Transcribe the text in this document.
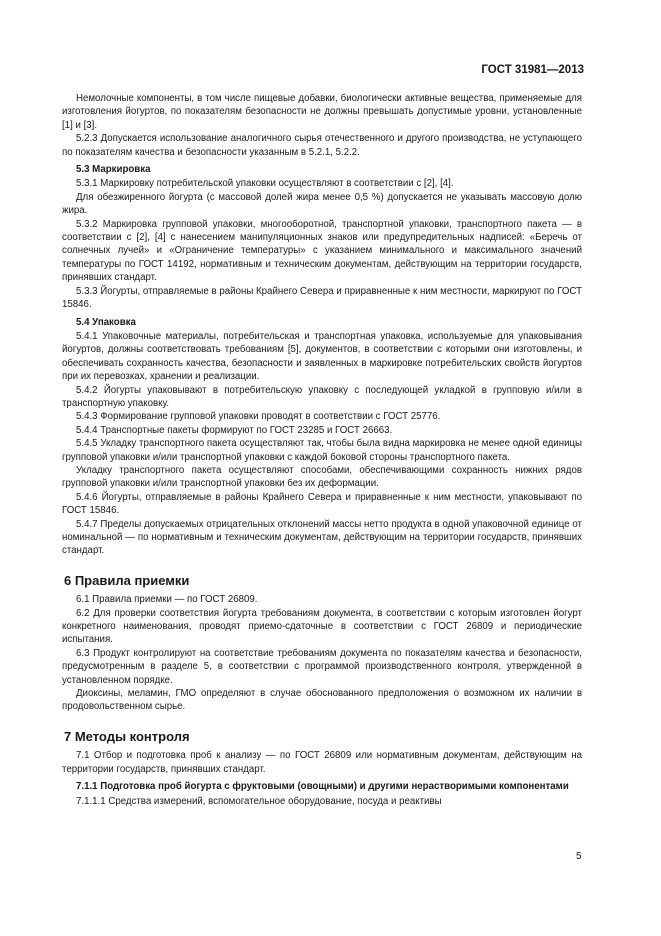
ГОСТ 31981—2013

Немолочные компоненты, в том числе пищевые добавки, биологически активные вещества, применяемые для изготовления йогуртов, по показателям безопасности не должны превышать допустимые уровни, установленные [1] и [3].

5.2.3 Допускается использование аналогичного сырья отечественного и другого производства, не уступающего по показателям качества и безопасности указанным в 5.2.1, 5.2.2.

5.3 Маркировка

5.3.1 Маркировку потребительской упаковки осуществляют в соответствии с [2], [4].

Для обезжиренного йогурта (с массовой долей жира менее 0,5 %) допускается не указывать массовую долю жира.

5.3.2 Маркировка групповой упаковки, многооборотной, транспортной упаковки, транспортного пакета — в соответствии с [2], [4] с нанесением манипуляционных знаков или предупредительных надписей: «Беречь от солнечных лучей» и «Ограничение температуры» с указанием минимального и максимального значений температуры по ГОСТ 14192, нормативным и техническим документам, действующим на территории государств, принявших стандарт.

5.3.3 Йогурты, отправляемые в районы Крайнего Севера и приравненные к ним местности, маркируют по ГОСТ 15846.

5.4 Упаковка

5.4.1 Упаковочные материалы, потребительская и транспортная упаковка, используемые для упаковывания йогуртов, должны соответствовать требованиям [5], документов, в соответствии с которыми они изготовлены, и обеспечивать сохранность качества, безопасности и заявленных в маркировке потребительских свойств йогуртов при их перевозках, хранении и реализации.

5.4.2 Йогурты упаковывают в потребительскую упаковку с последующей укладкой в групповую и/или в транспортную упаковку.

5.4.3 Формирование групповой упаковки проводят в соответствии с ГОСТ 25776.

5.4.4 Транспортные пакеты формируют по ГОСТ 23285 и ГОСТ 26663.

5.4.5 Укладку транспортного пакета осуществляют так, чтобы была видна маркировка не менее одной единицы групповой упаковки и/или транспортной упаковки с каждой боковой стороны транспортного пакета.

Укладку транспортного пакета осуществляют способами, обеспечивающими сохранность нижних рядов групповой упаковки и/или транспортной упаковки без их деформации.

5.4.6 Йогурты, отправляемые в районы Крайнего Севера и приравненные к ним местности, упаковывают по ГОСТ 15846.

5.4.7 Пределы допускаемых отрицательных отклонений массы нетто продукта в одной упаковочной единице от номинальной — по нормативным и техническим документам, действующим на территории государств, принявших стандарт.

6 Правила приемки

6.1 Правила приемки — по ГОСТ 26809.

6.2 Для проверки соответствия йогурта требованиям документа, в соответствии с которым изготовлен йогурт конкретного наименования, проводят приемо-сдаточные в соответствии с ГОСТ 26809 и периодические испытания.

6.3 Продукт контролируют на соответствие требованиям документа по показателям качества и безопасности, предусмотренным в разделе 5, в соответствии с программой производственного контроля, утвержденной в установленном порядке.

Диоксины, меламин, ГМО определяют в случае обоснованного предположения о возможном их наличии в продовольственном сырье.

7 Методы контроля

7.1 Отбор и подготовка проб к анализу — по ГОСТ 26809 или нормативным документам, действующим на территории государств, принявших стандарт.

7.1.1 Подготовка проб йогурта с фруктовыми (овощными) и другими нерастворимыми компонентами

7.1.1.1 Средства измерений, вспомогательное оборудование, посуда и реактивы

5
